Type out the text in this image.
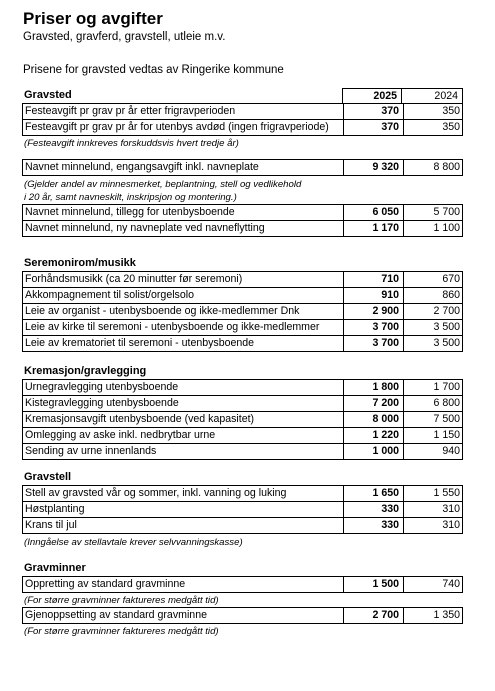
Priser og avgifter
Gravsted, gravferd, gravstell, utleie m.v.
Prisene for gravsted vedtas av Ringerike kommune
Gravsted	2025	2024
Festeavgift pr grav pr år etter frigravperioden	370	350
Festeavgift pr grav pr år for utenbys avdød (ingen frigravperiode)	370	350
(Festeavgift innkreves forskuddsvis hvert tredje år)
Navnet minnelund, engangsavgift inkl. navneplate	9 320	8 800
(Gjelder andel av minnesmerket, beplantning, stell og vedlikehold
i 20 år, samt navneskilt, inskripsjon og montering.)
Navnet minnelund, tillegg for utenbysboende	6 050	5 700
Navnet minnelund, ny navneplate ved navneflytting	1 170	1 100
Seremonirom/musikk
Forhåndsmusikk (ca 20 minutter før seremoni)	710	670
Akkompagnement til solist/orgelsolo	910	860
Leie av organist - utenbysboende og ikke-medlemmer Dnk	2 900	2 700
Leie av kirke til seremoni - utenbysboende og ikke-medlemmer	3 700	3 500
Leie av krematoriet til seremoni - utenbysboende	3 700	3 500
Kremasjon/gravlegging
Urnegravlegging utenbysboende	1 800	1 700
Kistegravlegging utenbysboende	7 200	6 800
Kremasjonsavgift utenbysboende (ved kapasitet)	8 000	7 500
Omlegging av aske inkl. nedbrytbar urne	1 220	1 150
Sending av urne innenlands	1 000	940
Gravstell
Stell av gravsted vår og sommer, inkl. vanning og luking	1 650	1 550
Høstplanting	330	310
Krans til jul	330	310
(Inngåelse av stellavtale krever selvvanningskasse)
Gravminner
Oppretting av standard gravminne	1 500	740
(For større gravminner faktureres medgått tid)
Gjenoppsetting av standard gravminne	2 700	1 350
(For større gravminner faktureres medgått tid)
